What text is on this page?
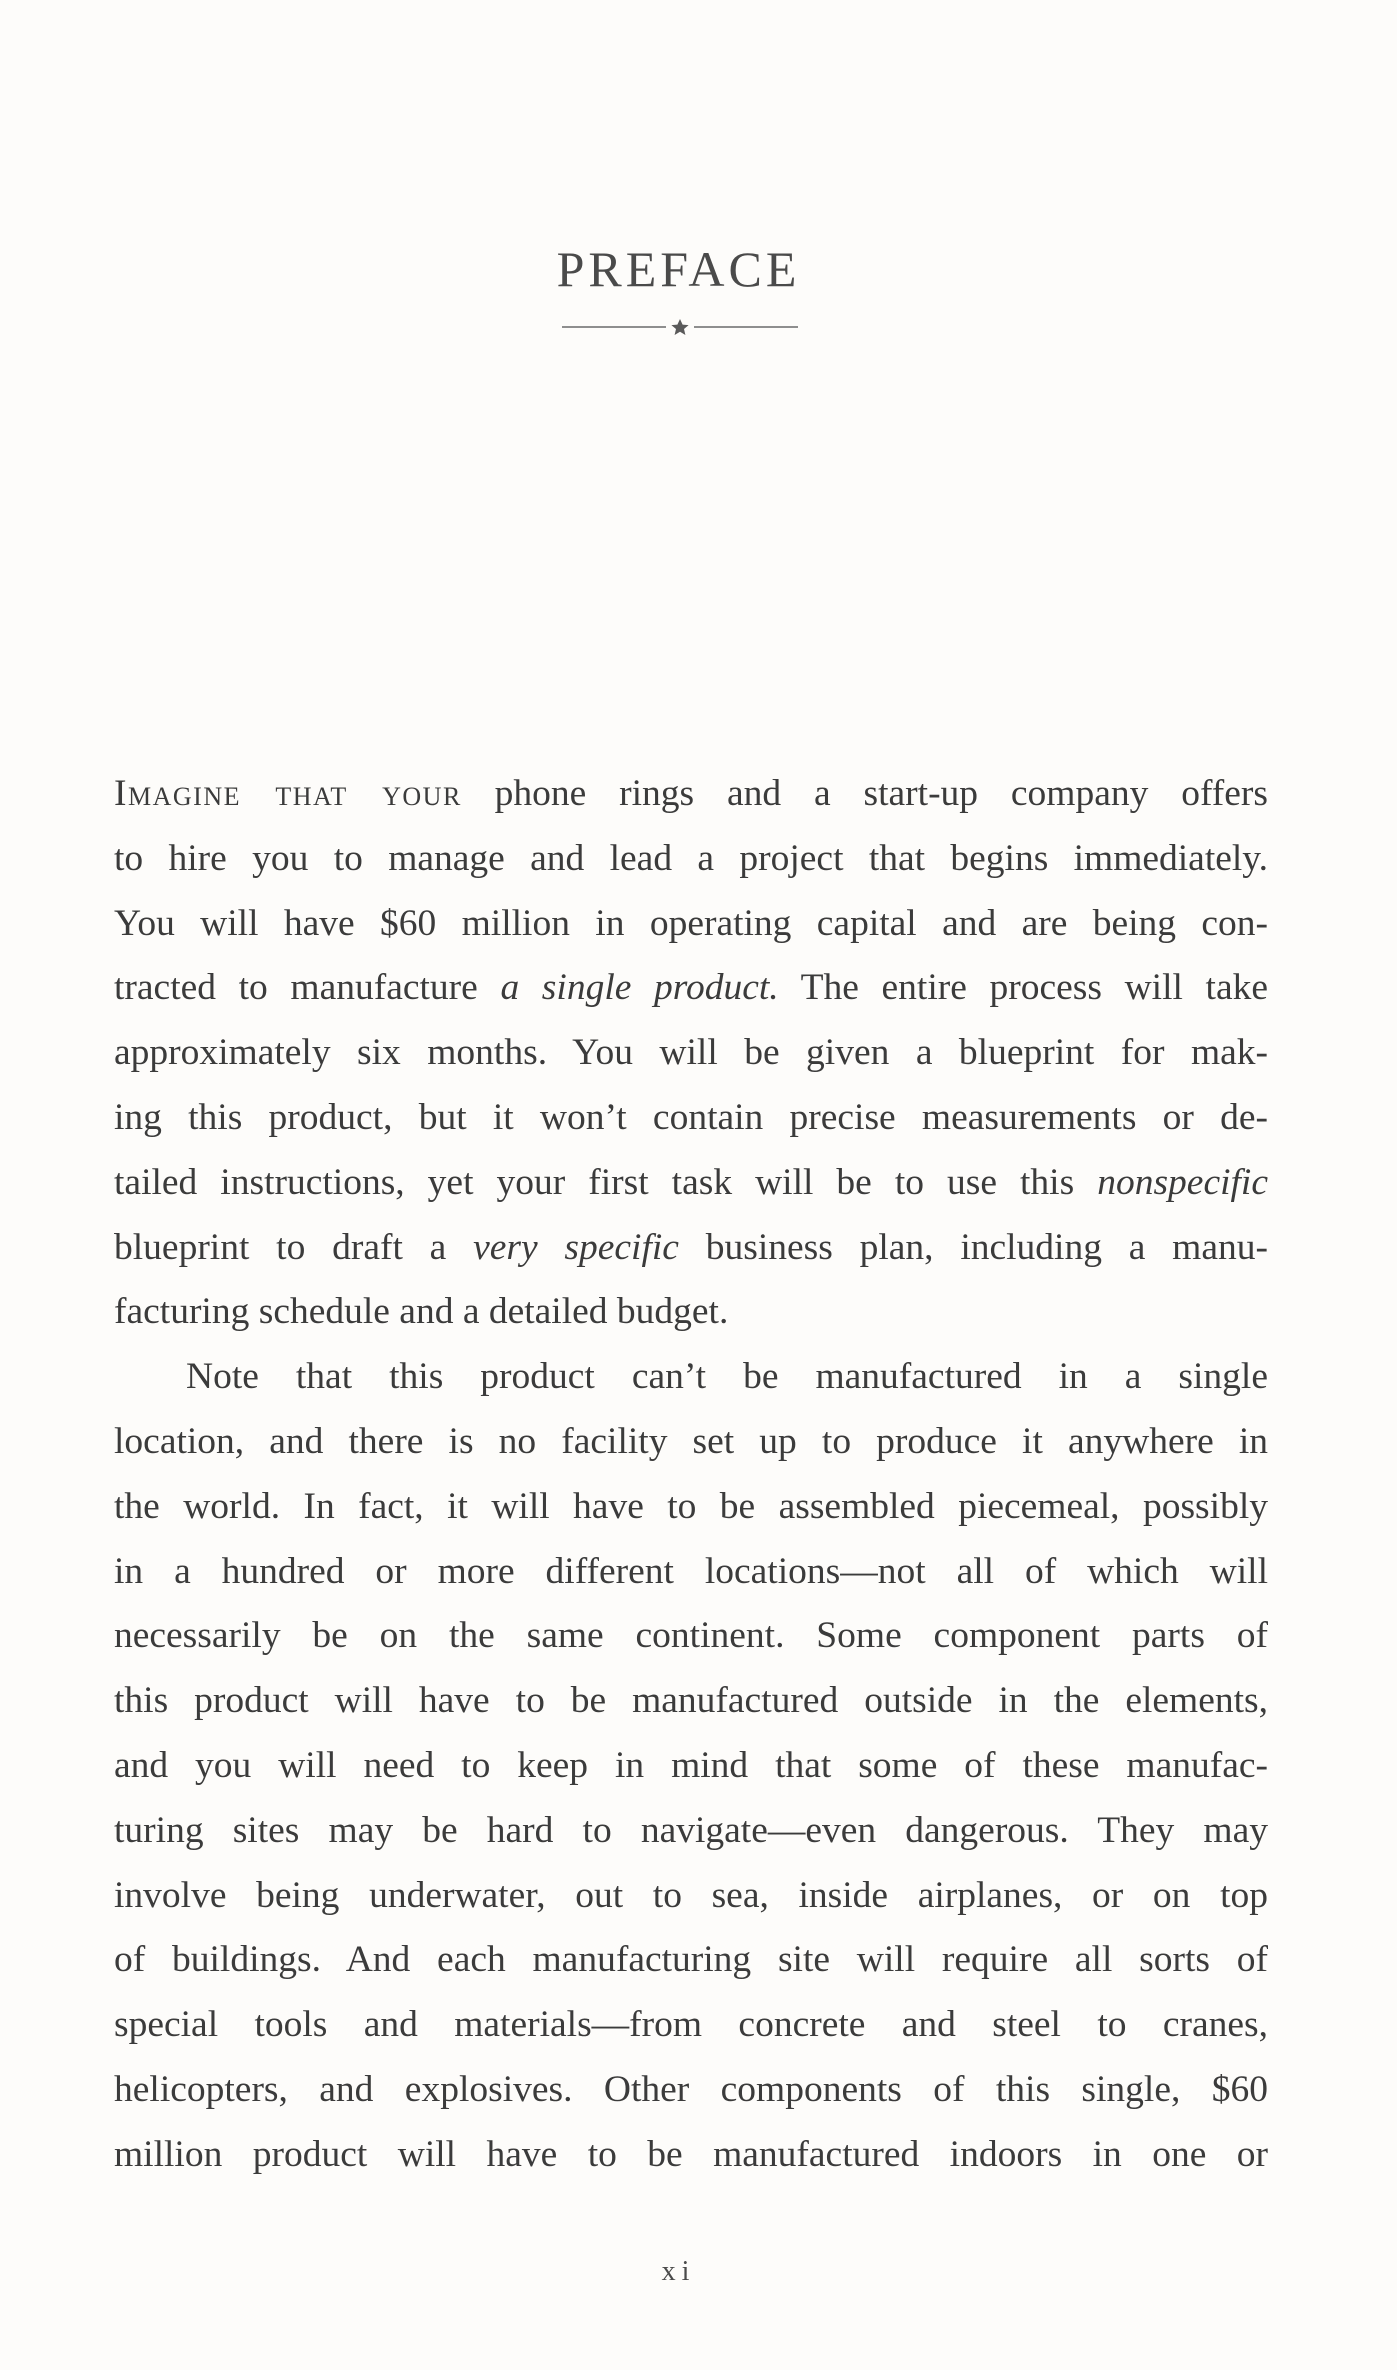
PREFACE
Imagine that your phone rings and a start-up company offers
to hire you to manage and lead a project that begins immediately.
You will have $60 million in operating capital and are being con-
tracted to manufacture a single product. The entire process will take
approximately six months. You will be given a blueprint for mak-
ing this product, but it won’t contain precise measurements or de-
tailed instructions, yet your first task will be to use this nonspecific
blueprint to draft a very specific business plan, including a manu-
facturing schedule and a detailed budget.
Note that this product can’t be manufactured in a single
location, and there is no facility set up to produce it anywhere in
the world. In fact, it will have to be assembled piecemeal, possibly
in a hundred or more different locations—not all of which will
necessarily be on the same continent. Some component parts of
this product will have to be manufactured outside in the elements,
and you will need to keep in mind that some of these manufac-
turing sites may be hard to navigate—even dangerous. They may
involve being underwater, out to sea, inside airplanes, or on top
of buildings. And each manufacturing site will require all sorts of
special tools and materials—from concrete and steel to cranes,
helicopters, and explosives. Other components of this single, $60
million product will have to be manufactured indoors in one or
xi
